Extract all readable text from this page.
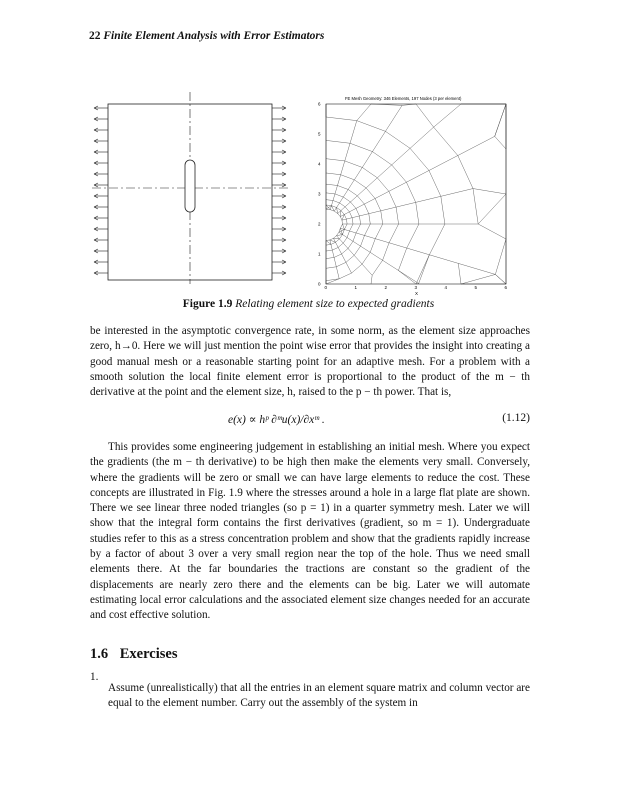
22 Finite Element Analysis with Error Estimators
FE Mesh Geometry: 346 Elements, 197 Nodes (3 per element)
0	1	2	3	4	5	6
0
1
2
3
4
5
6
X
Figure 1.9 Relating element size to expected gradients

be interested in the asymptotic convergence rate, in some norm, as the element size approaches zero, h→0. Here we will just mention the point wise error that provides the insight into creating a good manual mesh or a reasonable starting point for an adaptive mesh. For a problem with a smooth solution the local finite element error is proportional to the product of the m − th derivative at the point and the element size, h, raised to the p − th power. That is,

e(x) ∝ hᵖ ∂ᵐu(x)/∂xᵐ .	(1.12)

This provides some engineering judgement in establishing an initial mesh. Where you expect the gradients (the m − th derivative) to be high then make the elements very small. Conversely, where the gradients will be zero or small we can have large elements to reduce the cost. These concepts are illustrated in Fig. 1.9 where the stresses around a hole in a large flat plate are shown. There we see linear three noded triangles (so p = 1) in a quarter symmetry mesh. Later we will show that the integral form contains the first derivatives (gradient, so m = 1). Undergraduate studies refer to this as a stress concentration problem and show that the gradients rapidly increase by a factor of about 3 over a very small region near the top of the hole. Thus we need small elements there. At the far boundaries the tractions are constant so the gradient of the displacements are nearly zero there and the elements can be big. Later we will automate estimating local error calculations and the associated element size changes needed for an accurate and cost effective solution.

1.6 Exercises
1.

Assume (unrealistically) that all the entries in an element square matrix and column vector are equal to the element number. Carry out the assembly of the system in
